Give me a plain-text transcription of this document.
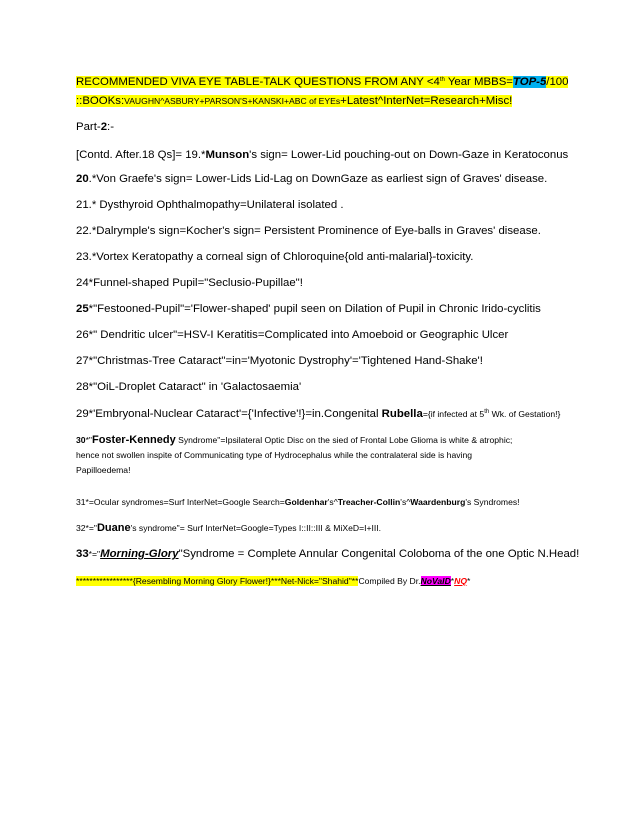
RECOMMENDED VIVA EYE TABLE-TALK QUESTIONS FROM ANY <4th Year MBBS=TOP-5/100
::BOOKs:VAUGHN^ASBURY+PARSON'S+KANSKI+ABC of EYEs+Latest^InterNet=Research+Misc!
Part-2:-
[Contd. After.18 Qs]= 19.*Munson's sign= Lower-Lid pouching-out on Down-Gaze in Keratoconus
20.*Von Graefe's sign= Lower-Lids Lid-Lag on DownGaze as earliest sign of Graves' disease.
21.* Dysthyroid Ophthalmopathy=Unilateral isolated .
22.*Dalrymple's sign=Kocher's sign= Persistent Prominence of Eye-balls in Graves' disease.
23.*Vortex Keratopathy a corneal sign of Chloroquine{old anti-malarial}-toxicity.
24*Funnel-shaped Pupil="Seclusio-Pupillae"!
25*"Festooned-Pupil"='Flower-shaped' pupil seen on Dilation of Pupil in Chronic Irido-cyclitis
26*" Dendritic ulcer"=HSV-I Keratitis=Complicated into Amoeboid or Geographic Ulcer
27*"Christmas-Tree Cataract"=in='Myotonic Dystrophy'='Tightened Hand-Shake'!
28*"OiL-Droplet Cataract" in 'Galactosaemia'
29*'Embryonal-Nuclear Cataract'={'Infective'!}=in.Congenital Rubella={if infected at 5th Wk. of Gestation!}
30*"Foster-Kennedy Syndrome"=Ipsilateral Optic Disc on the sied of Frontal Lobe Glioma is white & atrophic;
hence not swollen inspite of Communicating type of Hydrocephalus while the contralateral side is having
Papilloedema!
31*=Ocular syndromes=Surf InterNet=Google Search=Goldenhar's^Treacher-Collin's^Waardenburg's Syndromes!
32*="Duane's syndrome"= Surf InterNet=Google=Types I::II::III & MiXeD=I+III.
33*="Morning-Glory"Syndrome = Complete Annular Congenital Coloboma of the one Optic N.Head!
*****************{Resembling Morning Glory Flower!}***Net-Nick="Shahid"**Compiled By Dr.NoVaID*NQ*
